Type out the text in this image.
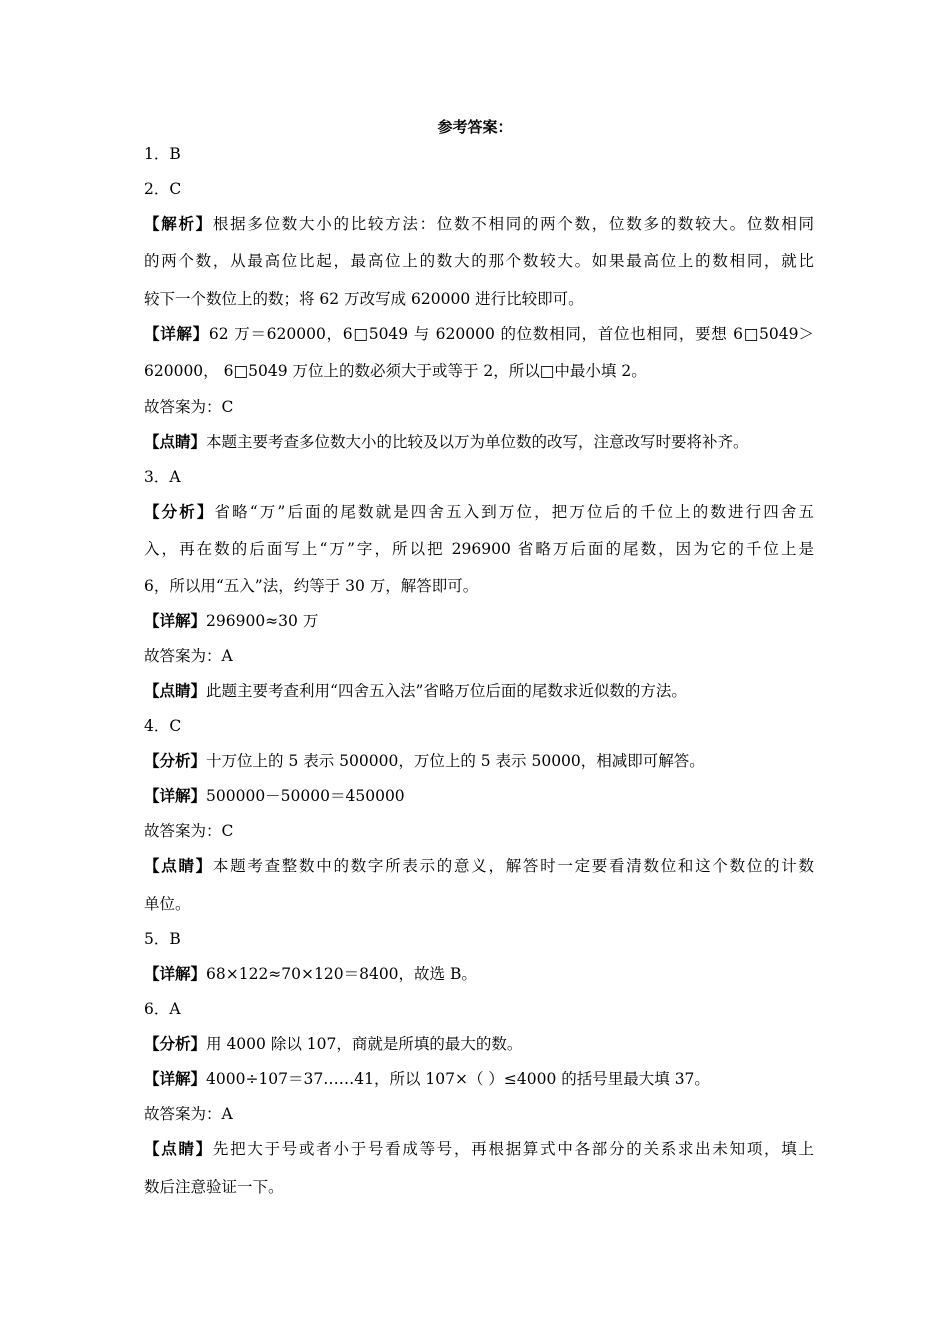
参考答案：
1．B
2．C
【解析】根据多位数大小的比较方法：位数不相同的两个数，位数多的数较大。位数相同
的两个数，从最高位比起，最高位上的数大的那个数较大。如果最高位上的数相同，就比
较下一个数位上的数；将 62 万改写成 620000 进行比较即可。
【详解】62 万＝620000，6□5049 与 620000 的位数相同，首位也相同，要想 6□5049＞
620000， 6□5049 万位上的数必须大于或等于 2，所以□中最小填 2。
故答案为：C
【点睛】本题主要考查多位数大小的比较及以万为单位数的改写，注意改写时要将补齐。
3．A
【分析】省略“万”后面的尾数就是四舍五入到万位，把万位后的千位上的数进行四舍五
入，再在数的后面写上“万”字，所以把 296900 省略万后面的尾数，因为它的千位上是
6，所以用“五入”法，约等于 30 万，解答即可。
【详解】296900≈30 万
故答案为：A
【点睛】此题主要考查利用“四舍五入法”省略万位后面的尾数求近似数的方法。
4．C
【分析】十万位上的 5 表示 500000，万位上的 5 表示 50000，相减即可解答。
【详解】500000－50000＝450000
故答案为：C
【点睛】本题考查整数中的数字所表示的意义，解答时一定要看清数位和这个数位的计数
单位。
5．B
【详解】68×122≈70×120＝8400，故选 B。
6．A
【分析】用 4000 除以 107，商就是所填的最大的数。
【详解】4000÷107＝37……41，所以 107×（ ）≤4000 的括号里最大填 37。
故答案为：A
【点睛】先把大于号或者小于号看成等号，再根据算式中各部分的关系求出未知项，填上
数后注意验证一下。
